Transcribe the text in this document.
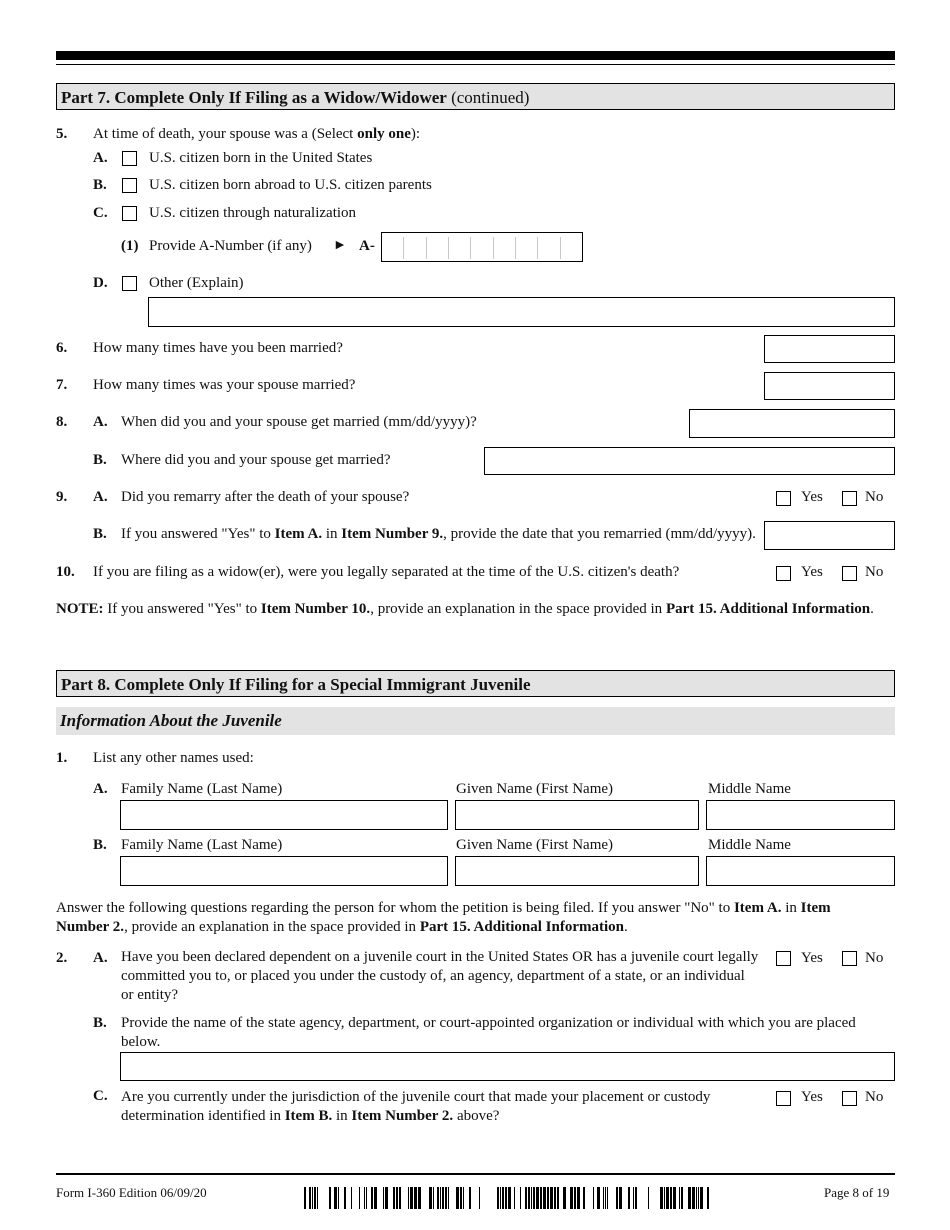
Part 7. Complete Only If Filing as a Widow/Widower (continued)
5. At time of death, your spouse was a (Select only one):
A.	U.S. citizen born in the United States
B.	U.S. citizen born abroad to U.S. citizen parents
C.	U.S. citizen through naturalization
(1) Provide A-Number (if any) ► A-
D.	Other (Explain)
6. How many times have you been married?
7. How many times was your spouse married?
8. A. When did you and your spouse get married (mm/dd/yyyy)?
B. Where did you and your spouse get married?
9. A. Did you remarry after the death of your spouse?	Yes	No
B. If you answered "Yes" to Item A. in Item Number 9., provide the date that you remarried (mm/dd/yyyy).
10. If you are filing as a widow(er), were you legally separated at the time of the U.S. citizen's death?	Yes	No
NOTE: If you answered "Yes" to Item Number 10., provide an explanation in the space provided in Part 15. Additional Information.
Part 8. Complete Only If Filing for a Special Immigrant Juvenile
Information About the Juvenile
1. List any other names used:
A. Family Name (Last Name)	Given Name (First Name)	Middle Name
B. Family Name (Last Name)	Given Name (First Name)	Middle Name
Answer the following questions regarding the person for whom the petition is being filed. If you answer "No" to Item A. in Item Number 2., provide an explanation in the space provided in Part 15. Additional Information.
2. A. Have you been declared dependent on a juvenile court in the United States OR has a juvenile court legally committed you to, or placed you under the custody of, an agency, department of a state, or an individual or entity?
Yes	No
B. Provide the name of the state agency, department, or court-appointed organization or individual with which you are placed below.
C. Are you currently under the jurisdiction of the juvenile court that made your placement or custody determination identified in Item B. in Item Number 2. above?
Yes	No
Form I-360 Edition 06/09/20	Page 8 of 19
